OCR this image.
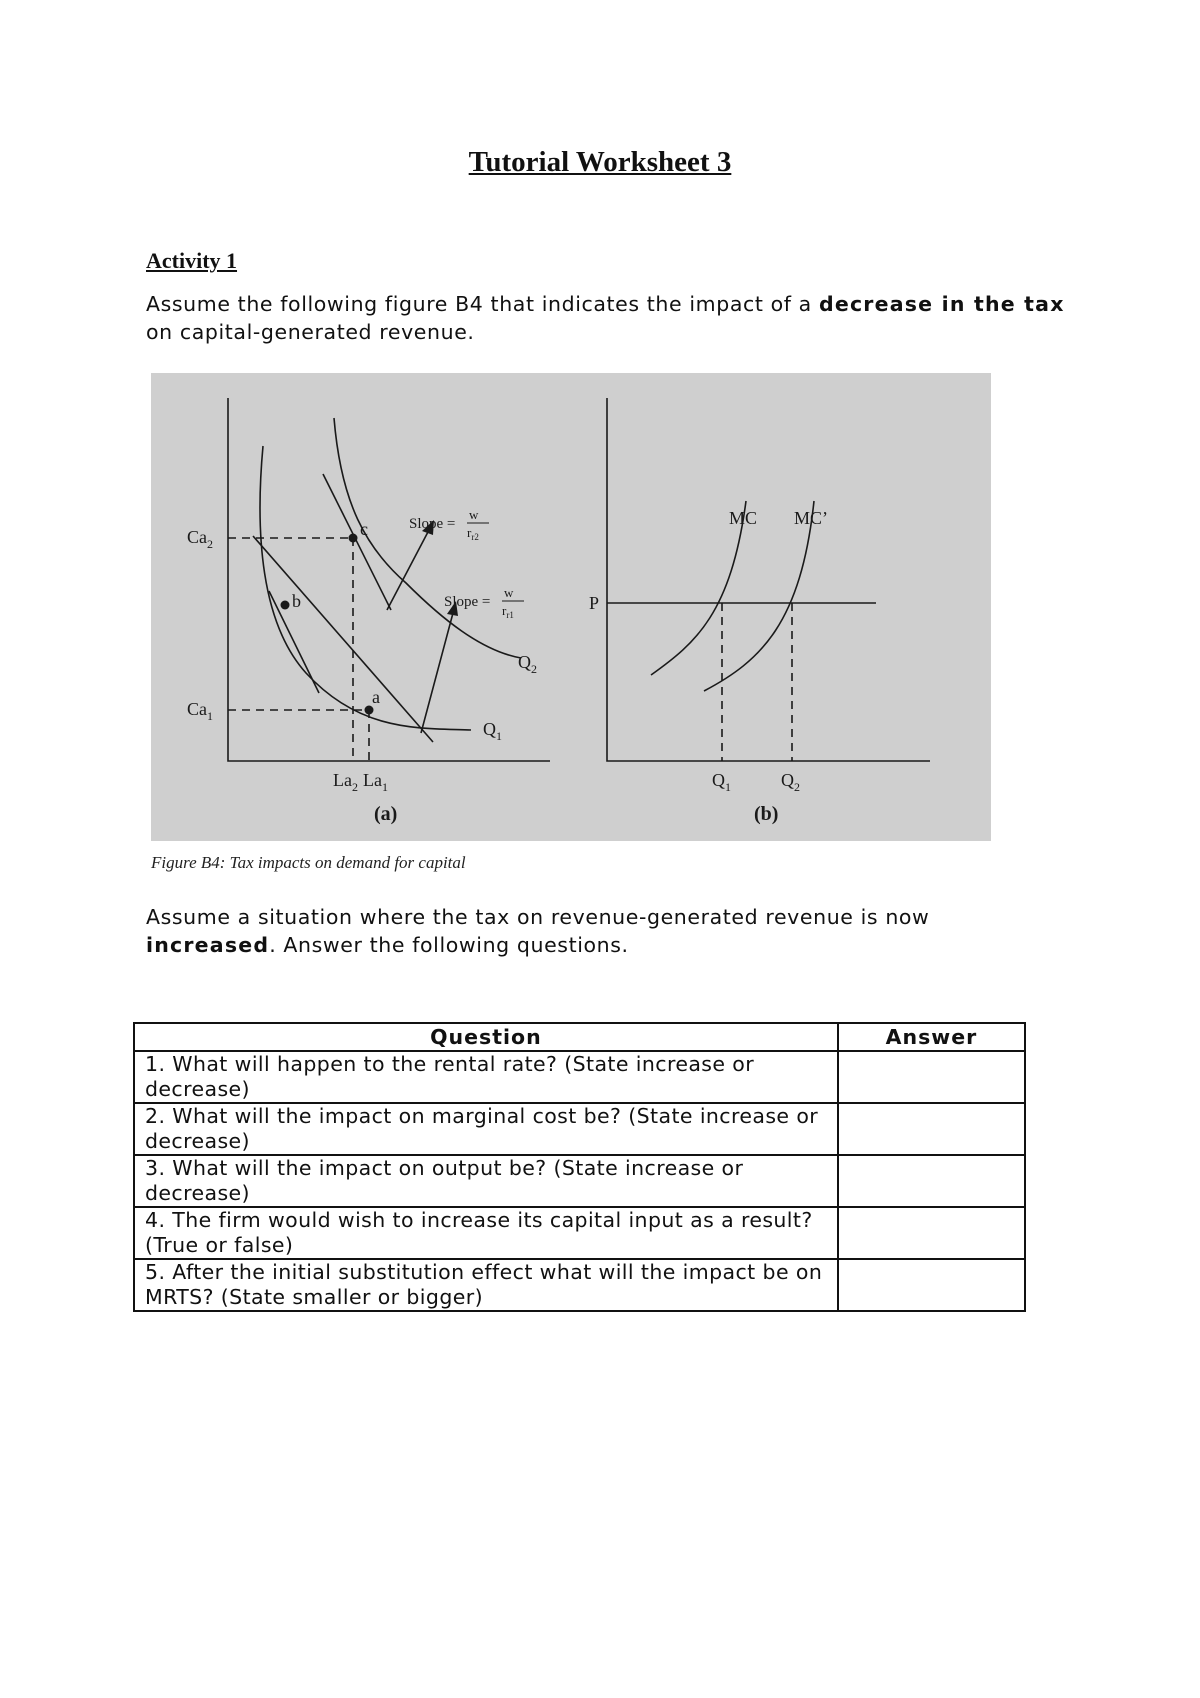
Tutorial Worksheet 3
Activity 1
Assume the following figure B4 that indicates the impact of a decrease in the tax on capital-generated revenue.
$Ca_2$
$Ca_1$
$La_2$ $La_1$
c
b
a
$Q_2$
$Q_1$
Slope =
w
$r_{r2}$
Slope =
w
$r_{r1}$
(a)
P
MC MC’
$Q_1$	$Q_2$
(b)
Figure B4: Tax impacts on demand for capital
Assume a situation where the tax on revenue-generated revenue is now increased. Answer the following questions.
Question	Answer
1. What will happen to the rental rate? (State increase or decrease)	
2. What will the impact on marginal cost be? (State increase or decrease)	
3. What will the impact on output be? (State increase or decrease)	
4. The firm would wish to increase its capital input as a result? (True or false)	
5. After the initial substitution effect what will the impact be on MRTS? (State smaller or bigger)	
